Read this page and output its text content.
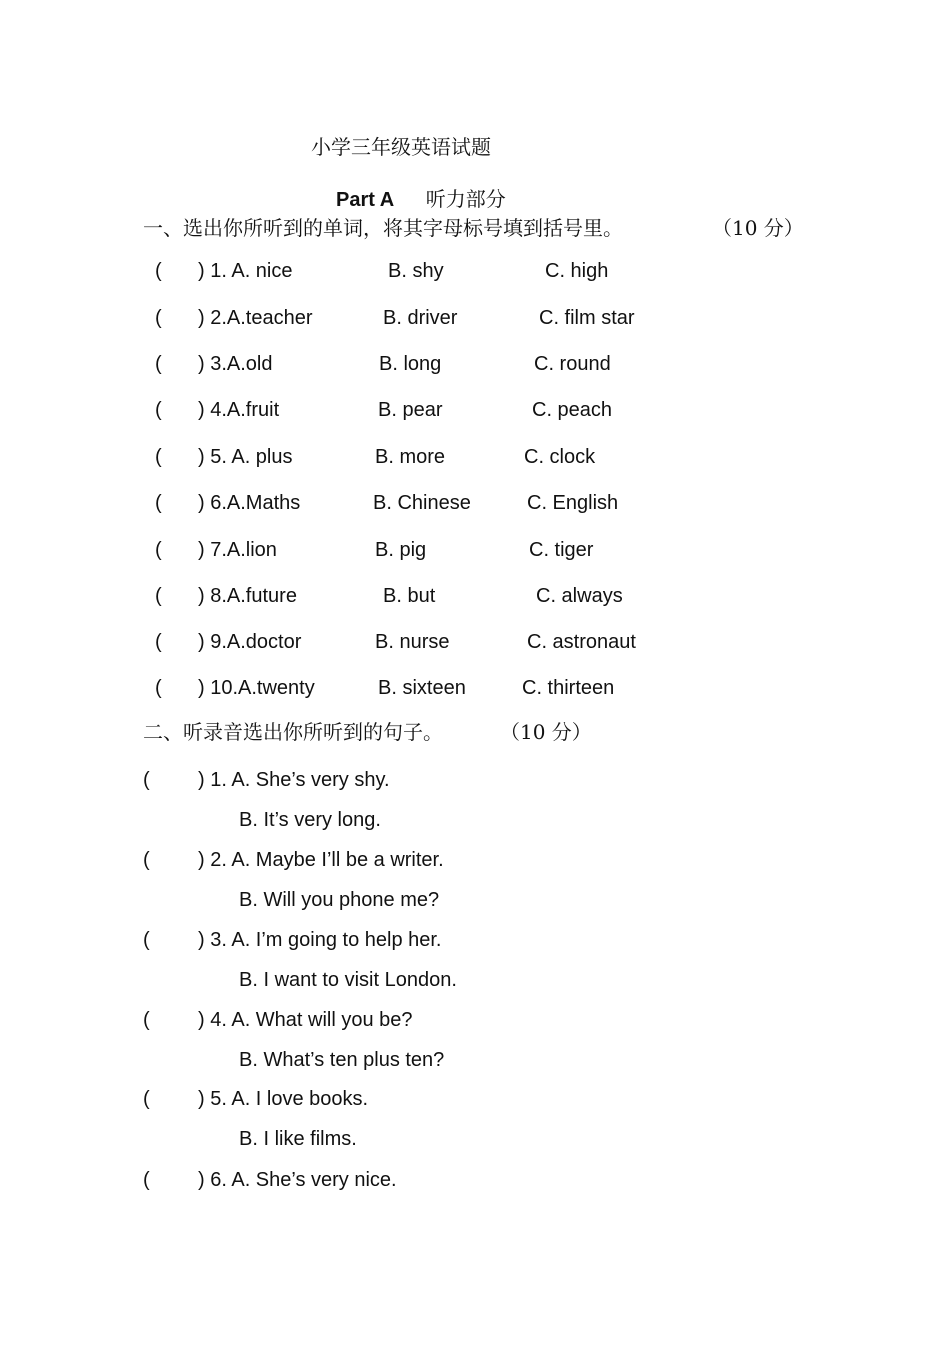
小学三年级英语试题
Part A 听力部分
一、选出你所听到的单词，将其字母标号填到括号里。	（10 分）
( ) 1. A. nice	B. shy	C. high
( ) 2.A.teacher	B. driver	C. film star
( ) 3.A.old	B. long	C. round
( ) 4.A.fruit	B. pear	C. peach
( ) 5. A. plus	B. more	C. clock
( ) 6.A.Maths	B. Chinese	C. English
( ) 7.A.lion	B. pig	C. tiger
( ) 8.A.future	B. but	C. always
( ) 9.A.doctor	B. nurse	C. astronaut
( ) 10.A.twenty	B. sixteen	C. thirteen
二、听录音选出你所听到的句子。	（10 分）
( ) 1. A. She’s very shy.
B. It’s very long.
( ) 2. A. Maybe I’ll be a writer.
B. Will you phone me?
( ) 3. A. I’m going to help her.
B. I want to visit London.
( ) 4. A. What will you be?
B. What’s ten plus ten?
( ) 5. A. I love books.
B. I like films.
( ) 6. A. She’s very nice.
